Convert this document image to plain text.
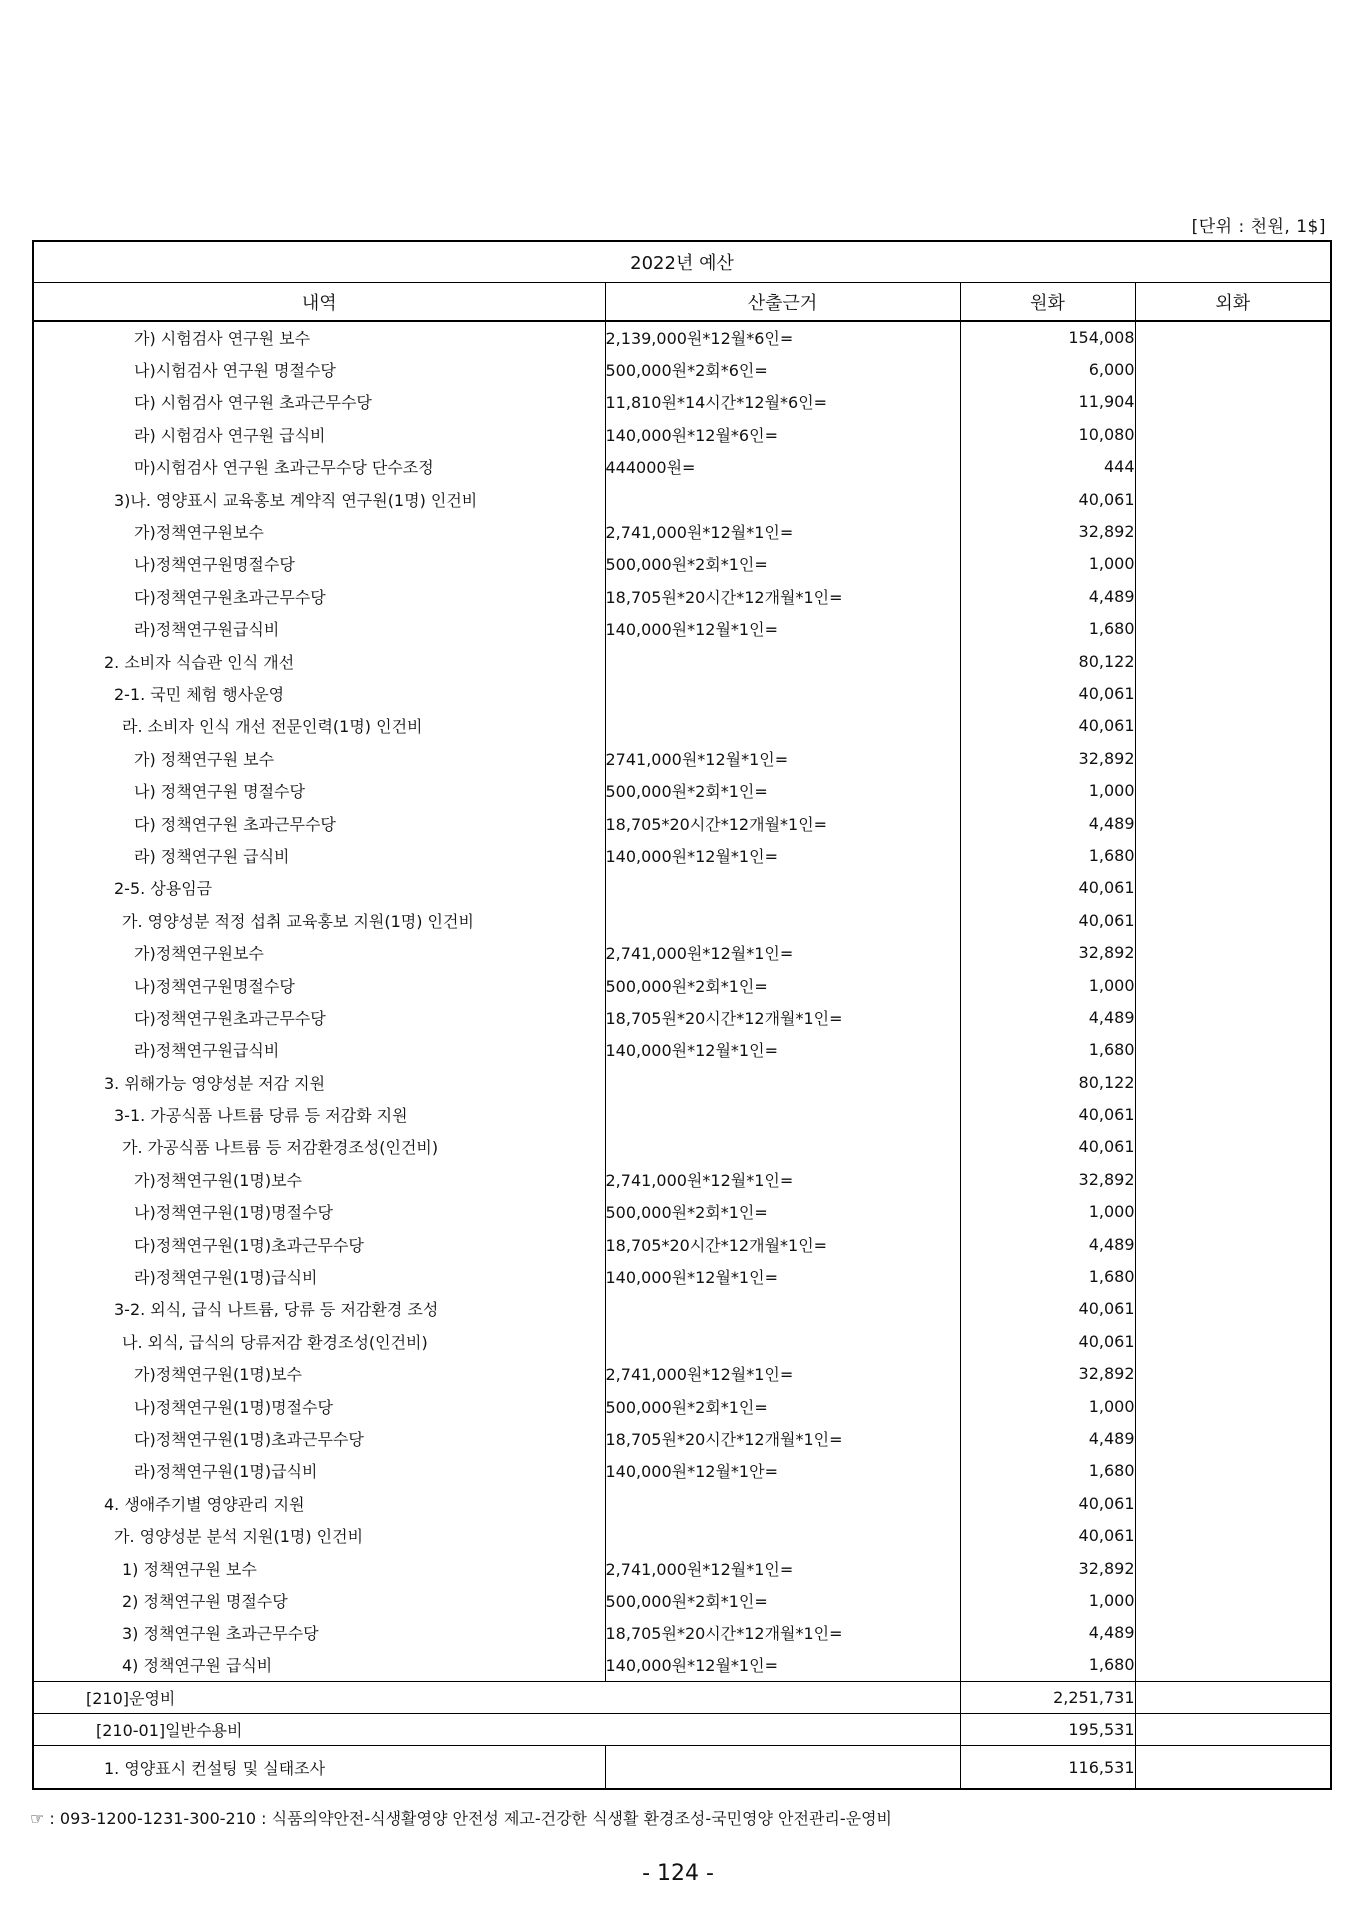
[단위 : 천원, 1$]
2022년 예산			
내역	산출근거	원화	외화
가) 시험검사 연구원 보수	2,139,000원*12월*6인=	154,008	
나)시험검사 연구원 명절수당	500,000원*2회*6인=	6,000	
다) 시험검사 연구원 초과근무수당	11,810원*14시간*12월*6인=	11,904	
라) 시험검사 연구원 급식비	140,000원*12월*6인=	10,080	
마)시험검사 연구원 초과근무수당 단수조정	444000원=	444	
3)나. 영양표시 교육홍보 계약직 연구원(1명) 인건비		40,061	
가)정책연구원보수	2,741,000원*12월*1인=	32,892	
나)정책연구원명절수당	500,000원*2회*1인=	1,000	
다)정책연구원초과근무수당	18,705원*20시간*12개월*1인=	4,489	
라)정책연구원급식비	140,000원*12월*1인=	1,680	
2. 소비자 식습관 인식 개선		80,122	
2-1. 국민 체험 행사운영		40,061	
라. 소비자 인식 개선 전문인력(1명) 인건비		40,061	
가) 정책연구원 보수	2741,000원*12월*1인=	32,892	
나) 정책연구원 명절수당	500,000원*2회*1인=	1,000	
다) 정책연구원 초과근무수당	18,705*20시간*12개월*1인=	4,489	
라) 정책연구원 급식비	140,000원*12월*1인=	1,680	
2-5. 상용임금		40,061	
가. 영양성분 적정 섭취 교육홍보 지원(1명) 인건비		40,061	
가)정책연구원보수	2,741,000원*12월*1인=	32,892	
나)정책연구원명절수당	500,000원*2회*1인=	1,000	
다)정책연구원초과근무수당	18,705원*20시간*12개월*1인=	4,489	
라)정책연구원급식비	140,000원*12월*1인=	1,680	
3. 위해가능 영양성분 저감 지원		80,122	
3-1. 가공식품 나트륨 당류 등 저감화 지원		40,061	
가. 가공식품 나트륨 등 저감환경조성(인건비)		40,061	
가)정책연구원(1명)보수	2,741,000원*12월*1인=	32,892	
나)정책연구원(1명)명절수당	500,000원*2회*1인=	1,000	
다)정책연구원(1명)초과근무수당	18,705*20시간*12개월*1인=	4,489	
라)정책연구원(1명)급식비	140,000원*12월*1인=	1,680	
3-2. 외식, 급식 나트륨, 당류 등 저감환경 조성		40,061	
나. 외식, 급식의 당류저감 환경조성(인건비)		40,061	
가)정책연구원(1명)보수	2,741,000원*12월*1인=	32,892	
나)정책연구원(1명)명절수당	500,000원*2회*1인=	1,000	
다)정책연구원(1명)초과근무수당	18,705원*20시간*12개월*1인=	4,489	
라)정책연구원(1명)급식비	140,000원*12월*1안=	1,680	
4. 생애주기별 영양관리 지원		40,061	
가. 영양성분 분석 지원(1명) 인건비		40,061	
1) 정책연구원 보수	2,741,000원*12월*1인=	32,892	
2) 정책연구원 명절수당	500,000원*2회*1인=	1,000	
3) 정책연구원 초과근무수당	18,705원*20시간*12개월*1인=	4,489	
4) 정책연구원 급식비	140,000원*12월*1인=	1,680	
[210]운영비		2,251,731	
[210-01]일반수용비		195,531	
1. 영양표시 컨설팅 및 실태조사		116,531	
☞ : 093-1200-1231-300-210 : 식품의약안전-식생활영양 안전성 제고-건강한 식생활 환경조성-국민영양 안전관리-운영비
- 124 -
